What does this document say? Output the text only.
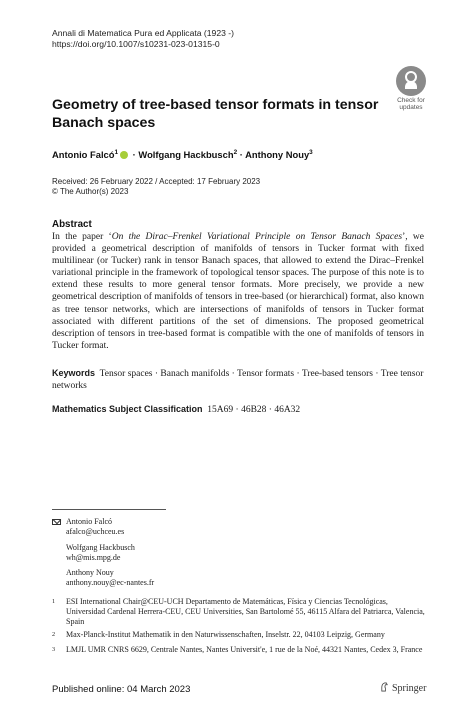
Annali di Matematica Pura ed Applicata (1923 -)
https://doi.org/10.1007/s10231-023-01315-0
Check for
updates
Geometry of tree-based tensor formats in tensor Banach spaces
Antonio Falcó$^1$ · Wolfgang Hackbusch$^2$ · Anthony Nouy$^3$
Received: 26 February 2022 / Accepted: 17 February 2023
© The Author(s) 2023
Abstract
In the paper ‘On the Dirac–Frenkel Variational Principle on Tensor Banach Spaces’, we provided a geometrical description of manifolds of tensors in Tucker format with fixed multilinear (or Tucker) rank in tensor Banach spaces, that allowed to extend the Dirac–Frenkel variational principle in the framework of topological tensor spaces. The purpose of this note is to extend these results to more general tensor formats. More precisely, we provide a new geometrical description of manifolds of tensors in tree-based (or hierarchical) format, also known as tree tensor networks, which are intersections of manifolds of tensors in Tucker format associated with different partitions of the set of dimensions. The proposed geometrical description of tensors in tree-based format is compatible with the one of manifolds of tensors in Tucker format.
Keywords Tensor spaces · Banach manifolds · Tensor formats · Tree-based tensors · Tree tensor networks
Mathematics Subject Classification 15A69 · 46B28 · 46A32
Antonio Falcó
afalco@uchceu.es
Wolfgang Hackbusch
wh@mis.mpg.de
Anthony Nouy
anthony.nouy@ec-nantes.fr
1 ESI International Chair@CEU-UCH Departamento de Matemáticas, Física y Ciencias Tecnológicas, Universidad Cardenal Herrera-CEU, CEU Universities, San Bartolomé 55, 46115 Alfara del Patriarca, Valencia, Spain
2 Max-Planck-Institut Mathematik in den Naturwissenschaften, Inselstr. 22, 04103 Leipzig, Germany
3 LMJL UMR CNRS 6629, Centrale Nantes, Nantes Universit'e, 1 rue de la Noé, 44321 Nantes, Cedex 3, France
Published online: 04 March 2023	Springer
